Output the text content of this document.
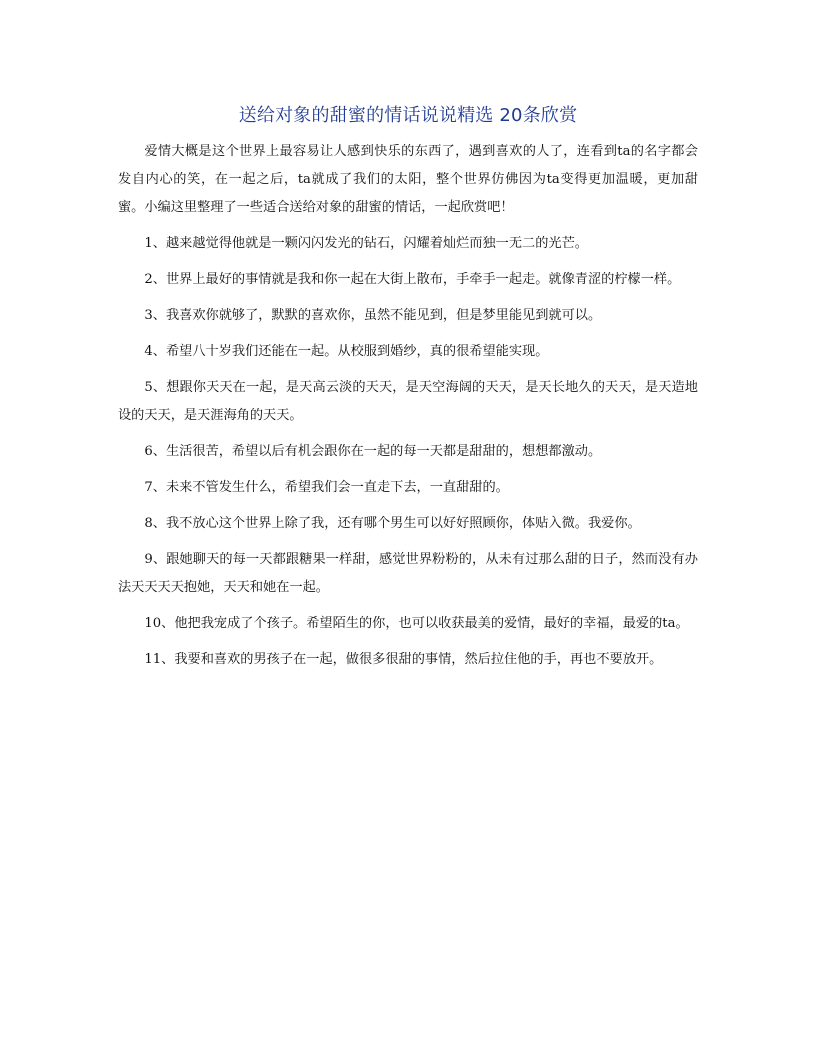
送给对象的甜蜜的情话说说精选 20条欣赏

爱情大概是这个世界上最容易让人感到快乐的东西了，遇到喜欢的人了，连看到ta的名字都会发自内心的笑，在一起之后，ta就成了我们的太阳，整个世界仿佛因为ta变得更加温暖，更加甜蜜。小编这里整理了一些适合送给对象的甜蜜的情话，一起欣赏吧！

1、越来越觉得他就是一颗闪闪发光的钻石，闪耀着灿烂而独一无二的光芒。

2、世界上最好的事情就是我和你一起在大街上散布，手牵手一起走。就像青涩的柠檬一样。

3、我喜欢你就够了，默默的喜欢你，虽然不能见到，但是梦里能见到就可以。

4、希望八十岁我们还能在一起。从校服到婚纱，真的很希望能实现。

5、想跟你天天在一起，是天高云淡的天天，是天空海阔的天天，是天长地久的天天，是天造地设的天天，是天涯海角的天天。

6、生活很苦，希望以后有机会跟你在一起的每一天都是甜甜的，想想都激动。

7、未来不管发生什么，希望我们会一直走下去，一直甜甜的。

8、我不放心这个世界上除了我，还有哪个男生可以好好照顾你，体贴入微。我爱你。

9、跟她聊天的每一天都跟糖果一样甜，感觉世界粉粉的，从未有过那么甜的日子，然而没有办法天天天天抱她，天天和她在一起。

10、他把我宠成了个孩子。希望陌生的你，也可以收获最美的爱情，最好的幸福，最爱的ta。

11、我要和喜欢的男孩子在一起，做很多很甜的事情，然后拉住他的手，再也不要放开。
